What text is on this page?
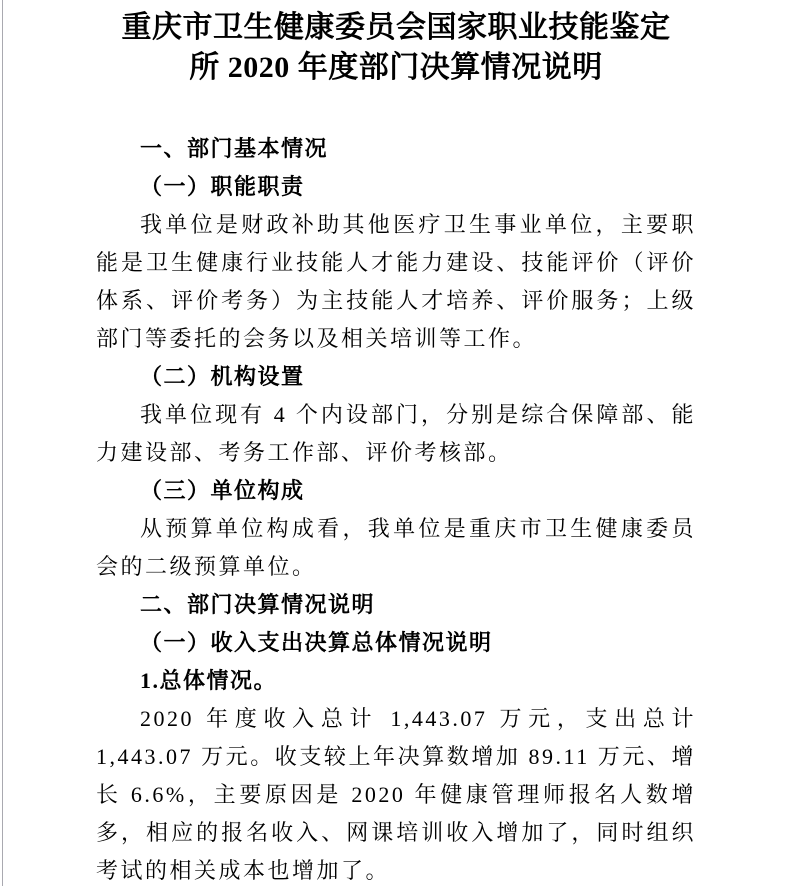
重庆市卫生健康委员会国家职业技能鉴定
所 2020 年度部门决算情况说明
一、部门基本情况
（一）职能职责
我单位是财政补助其他医疗卫生事业单位，主要职能是卫生健康行业技能人才能力建设、技能评价（评价体系、评价考务）为主技能人才培养、评价服务；上级部门等委托的会务以及相关培训等工作。
（二）机构设置
我单位现有 4 个内设部门，分别是综合保障部、能力建设部、考务工作部、评价考核部。
（三）单位构成
从预算单位构成看，我单位是重庆市卫生健康委员会的二级预算单位。
二、部门决算情况说明
（一）收入支出决算总体情况说明
1.总体情况。
2020 年度收入总计 1,443.07 万元，支出总计 1,443.07 万元。收支较上年决算数增加 89.11 万元、增长 6.6%，主要原因是 2020 年健康管理师报名人数增多，相应的报名收入、网课培训收入增加了，同时组织考试的相关成本也增加了。
